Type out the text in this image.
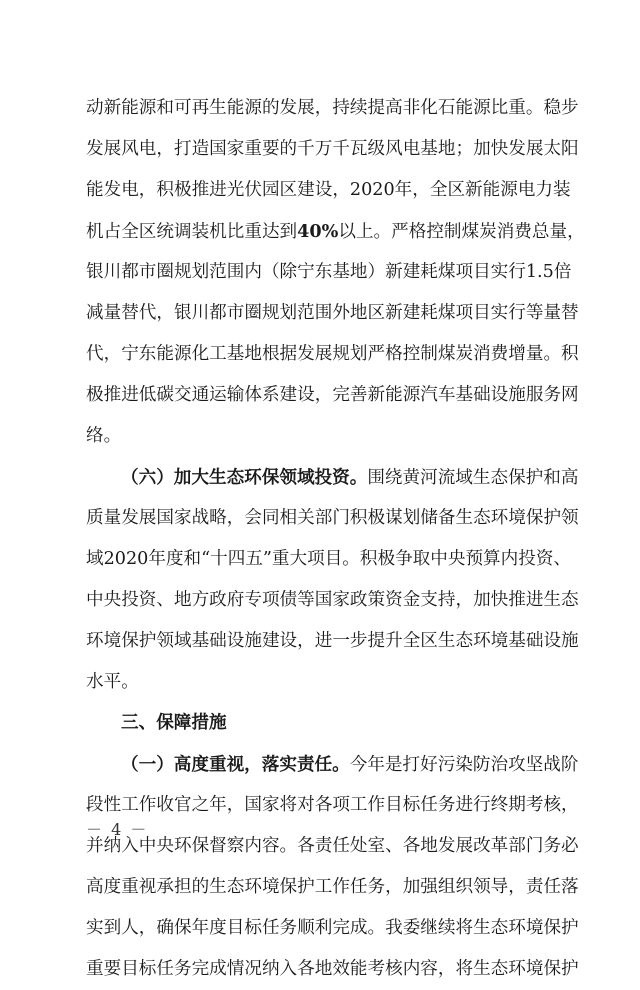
动新能源和可再生能源的发展，持续提高非化石能源比重。稳步
发展风电，打造国家重要的千万千瓦级风电基地；加快发展太阳
能发电，积极推进光伏园区建设，2020年，全区新能源电力装
机占全区统调装机比重达到40%以上。严格控制煤炭消费总量，
银川都市圈规划范围内（除宁东基地）新建耗煤项目实行1.5倍
减量替代，银川都市圈规划范围外地区新建耗煤项目实行等量替
代，宁东能源化工基地根据发展规划严格控制煤炭消费增量。积
极推进低碳交通运输体系建设，完善新能源汽车基础设施服务网
络。
（六）加大生态环保领域投资。围绕黄河流域生态保护和高
质量发展国家战略，会同相关部门积极谋划储备生态环境保护领
域2020年度和“十四五”重大项目。积极争取中央预算内投资、
中央投资、地方政府专项债等国家政策资金支持，加快推进生态
环境保护领域基础设施建设，进一步提升全区生态环境基础设施
水平。
三、保障措施
（一）高度重视，落实责任。今年是打好污染防治攻坚战阶
段性工作收官之年，国家将对各项工作目标任务进行终期考核，
并纳入中央环保督察内容。各责任处室、各地发展改革部门务必
高度重视承担的生态环境保护工作任务，加强组织领导，责任落
实到人，确保年度目标任务顺利完成。我委继续将生态环境保护
重要目标任务完成情况纳入各地效能考核内容，将生态环境保护
－ 4 －
